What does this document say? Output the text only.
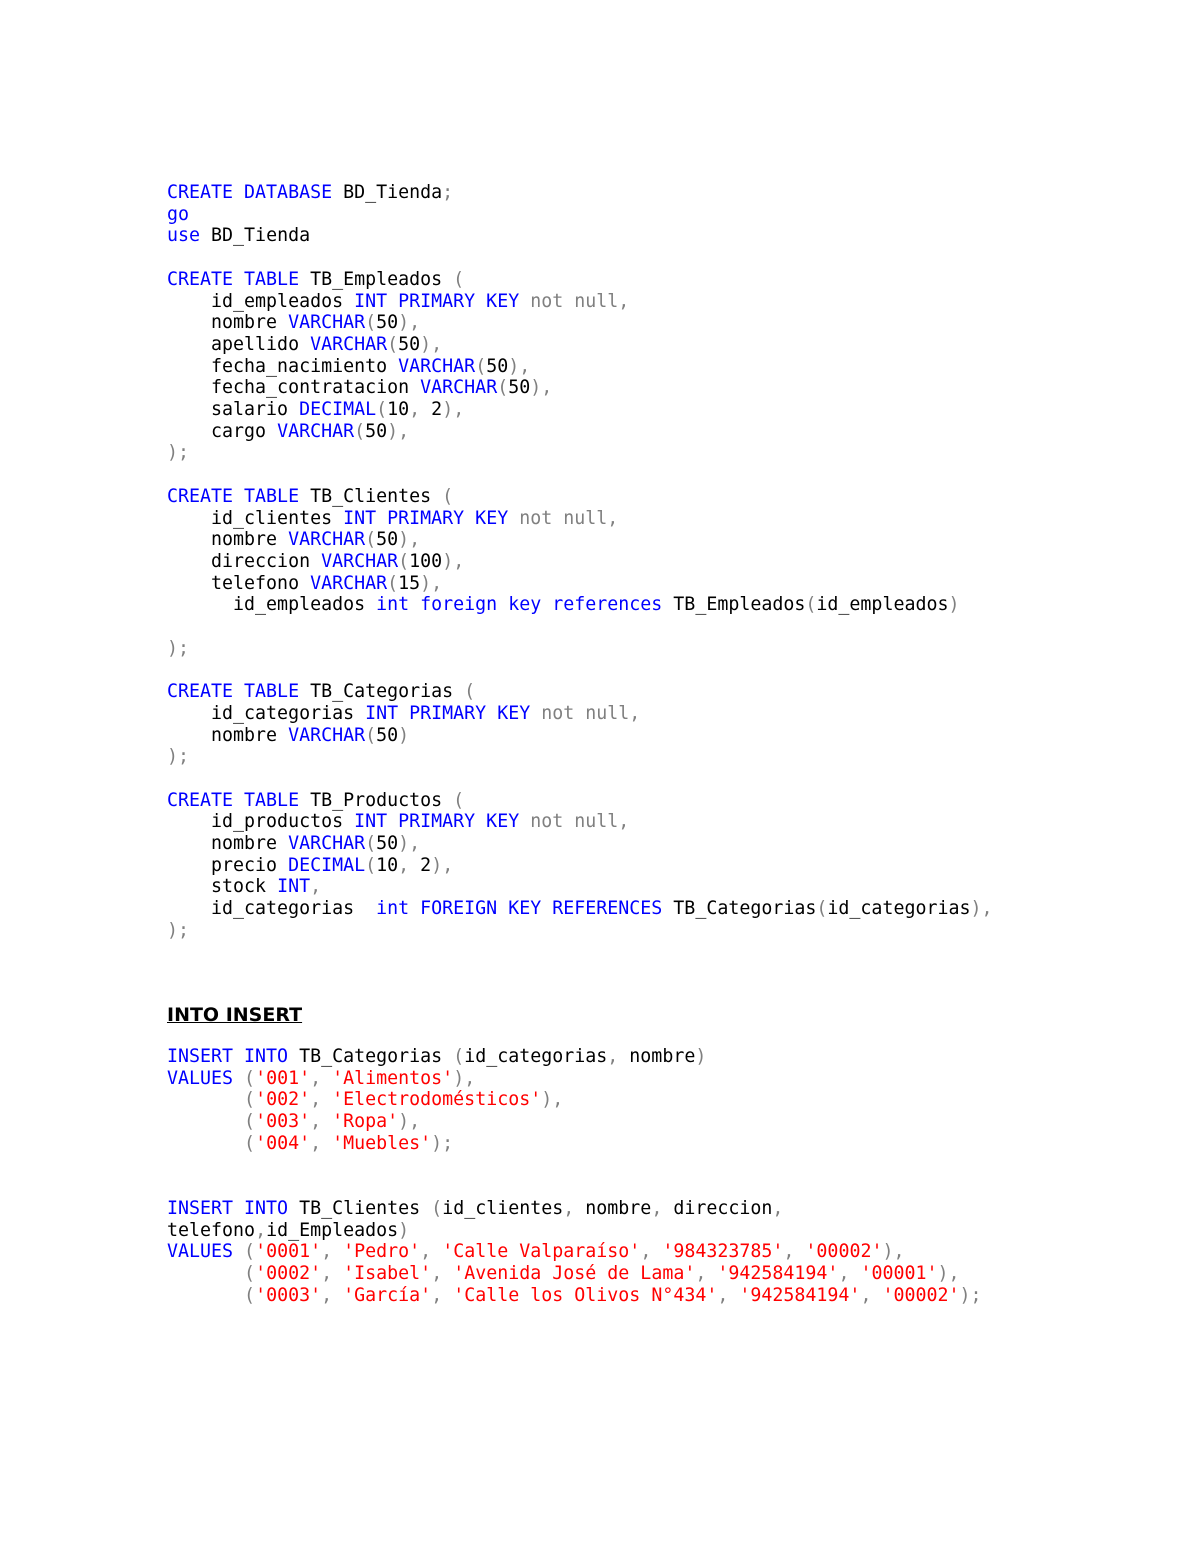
CREATE DATABASE BD_Tienda;
go
use BD_Tienda
CREATE TABLE TB_Empleados (
id_empleados INT PRIMARY KEY not null,
nombre VARCHAR(50),
apellido VARCHAR(50),
fecha_nacimiento VARCHAR(50),
fecha_contratacion VARCHAR(50),
salario DECIMAL(10, 2),
cargo VARCHAR(50),
);
CREATE TABLE TB_Clientes (
id_clientes INT PRIMARY KEY not null,
nombre VARCHAR(50),
direccion VARCHAR(100),
telefono VARCHAR(15),
id_empleados int foreign key references TB_Empleados(id_empleados)
);
CREATE TABLE TB_Categorias (
id_categorias INT PRIMARY KEY not null,
nombre VARCHAR(50)
);
CREATE TABLE TB_Productos (
id_productos INT PRIMARY KEY not null,
nombre VARCHAR(50),
precio DECIMAL(10, 2),
stock INT,
id_categorias  int FOREIGN KEY REFERENCES TB_Categorias(id_categorias),
);
INTO INSERT
INSERT INTO TB_Categorias (id_categorias, nombre)
VALUES ('001', 'Alimentos'),
('002', 'Electrodomésticos'),
('003', 'Ropa'),
('004', 'Muebles');
INSERT INTO TB_Clientes (id_clientes, nombre, direccion,
telefono,id_Empleados)
VALUES ('0001', 'Pedro', 'Calle Valparaíso', '984323785', '00002'),
('0002', 'Isabel', 'Avenida José de Lama', '942584194', '00001'),
('0003', 'García', 'Calle los Olivos N°434', '942584194', '00002');
